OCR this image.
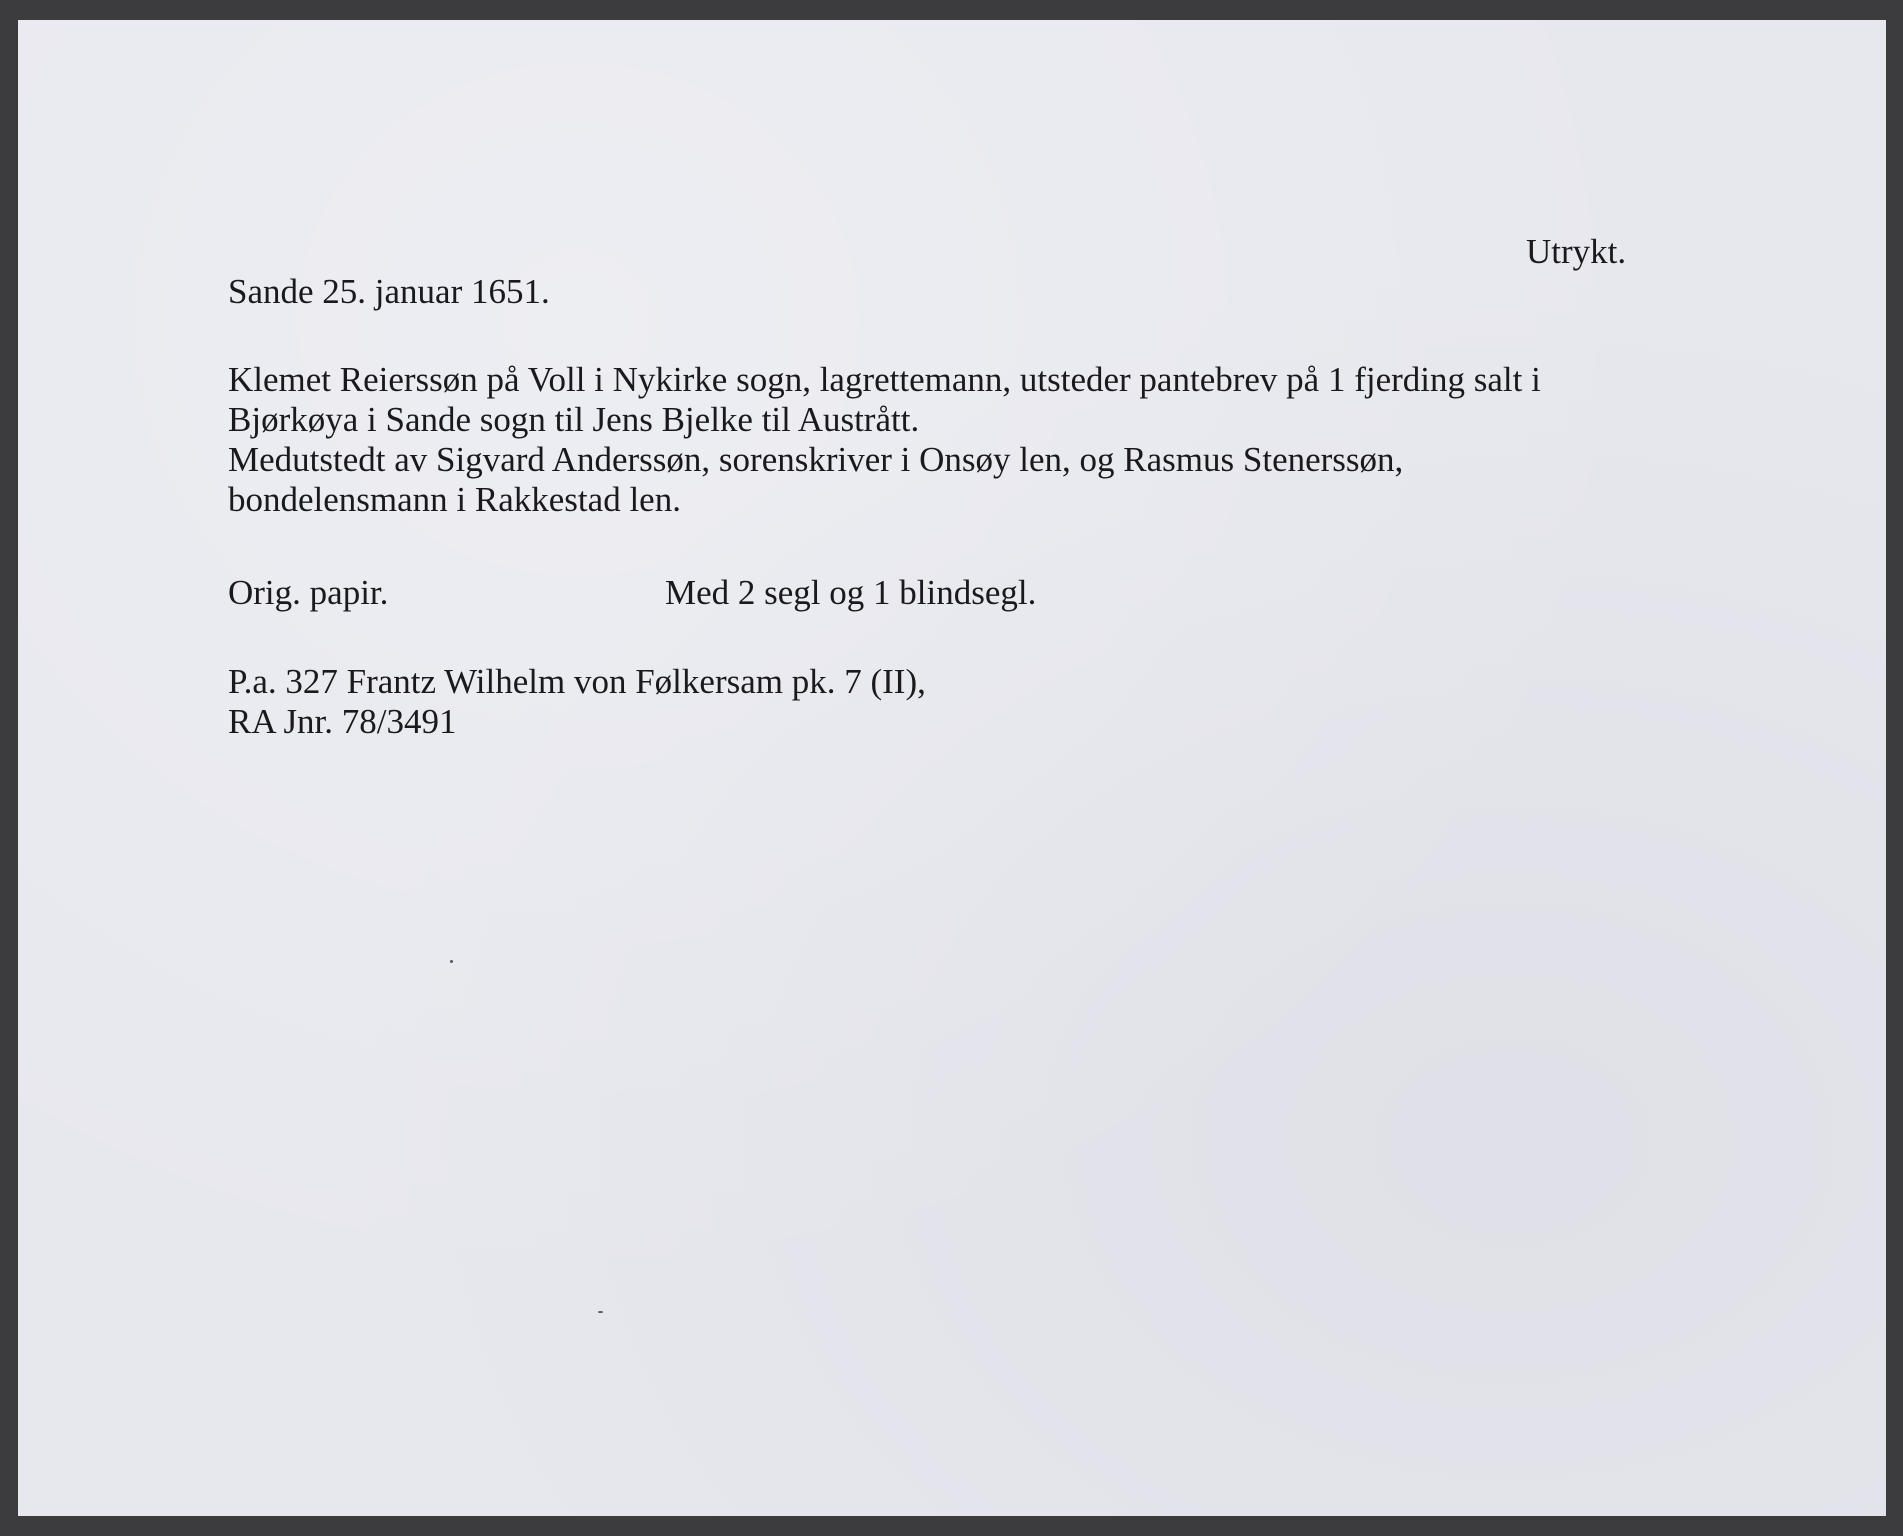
Utrykt.

Sande 25. januar 1651.

Klemet Reierssøn på Voll i Nykirke sogn, lagrettemann, utsteder pantebrev på 1 fjerding salt i
Bjørkøya i Sande sogn til Jens Bjelke til Austrått.
Medutstedt av Sigvard Anderssøn, sorenskriver i Onsøy len, og Rasmus Stenerssøn,
bondelensmann i Rakkestad len.

Orig. papir.	Med 2 segl og 1 blindsegl.

P.a. 327 Frantz Wilhelm von Følkersam pk. 7 (II),
RA Jnr. 78/3491
